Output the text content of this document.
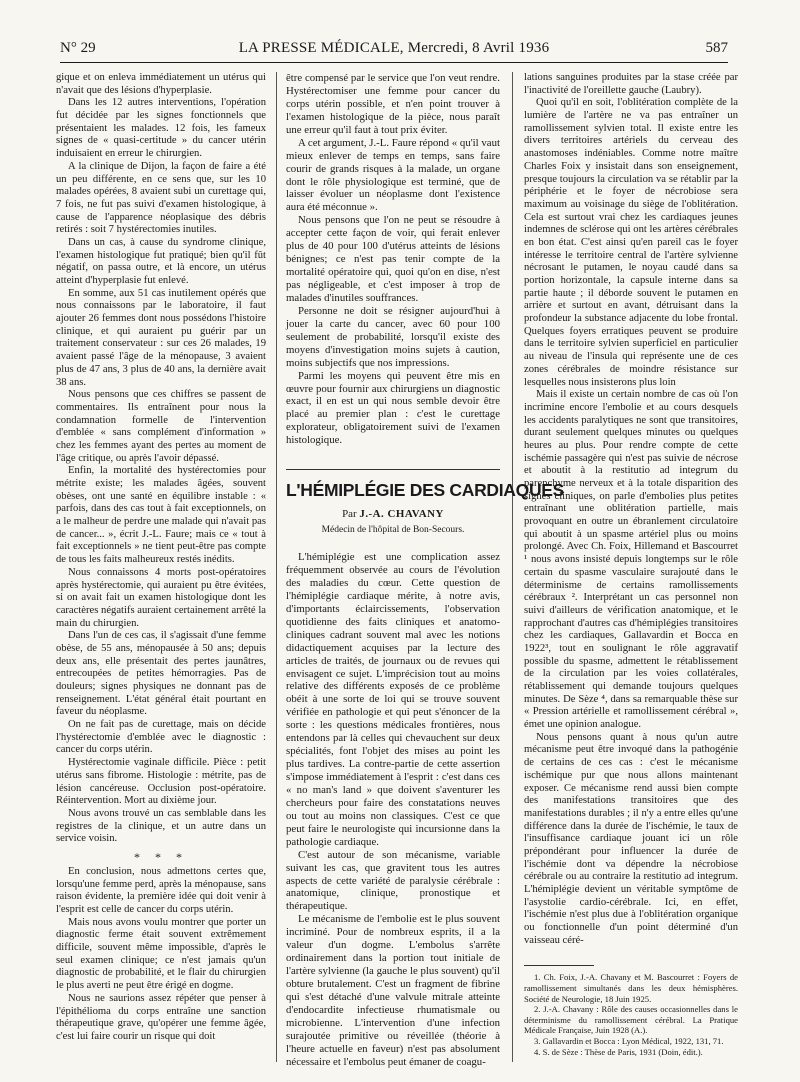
N° 29	LA PRESSE MÉDICALE, Mercredi, 8 Avril 1936	587

gique et on enleva immédiatement un utérus qui n'avait que des lésions d'hyperplasie.

Dans les 12 autres interventions, l'opération fut décidée par les signes fonctionnels que présentaient les malades. 12 fois, les fameux signes de « quasi-certitude » du cancer utérin induisaient en erreur le chirurgien.

A la clinique de Dijon, la façon de faire a été un peu différente, en ce sens que, sur les 10 malades opérées, 8 avaient subi un curettage qui, 7 fois, ne fut pas suivi d'examen histologique, à cause de l'apparence néoplasique des débris retirés : soit 7 hystérectomies inutiles.

Dans un cas, à cause du syndrome clinique, l'examen histologique fut pratiqué; bien qu'il fût négatif, on passa outre, et là encore, un utérus atteint d'hyperplasie fut enlevé.

En somme, aux 51 cas inutilement opérés que nous connaissons par le laboratoire, il faut ajouter 26 femmes dont nous possédons l'histoire clinique, et qui auraient pu guérir par un traitement conservateur : sur ces 26 malades, 19 avaient passé l'âge de la ménopause, 3 avaient plus de 47 ans, 3 plus de 40 ans, la dernière avait 38 ans.

Nous pensons que ces chiffres se passent de commentaires. Ils entraînent pour nous la condamnation formelle de l'intervention d'emblée « sans complément d'information » chez les femmes ayant des pertes au moment de l'âge critique, ou après l'avoir dépassé.

Enfin, la mortalité des hystérectomies pour métrite existe; les malades âgées, souvent obèses, ont une santé en équilibre instable : « parfois, dans des cas tout à fait exceptionnels, on a le malheur de perdre une malade qui n'avait pas de cancer... », écrit J.-L. Faure; mais ce « tout à fait exceptionnels » ne tient peut-être pas compte de tous les faits malheureux restés inédits.

Nous connaissons 4 morts post-opératoires après hystérectomie, qui auraient pu être évitées, si on avait fait un examen histologique dont les caractères négatifs auraient certainement arrêté la main du chirurgien.

Dans l'un de ces cas, il s'agissait d'une femme obèse, de 55 ans, ménopausée à 50 ans; depuis deux ans, elle présentait des pertes jaunâtres, entrecoupées de petites hémorragies. Pas de douleurs; signes physiques ne donnant pas de renseignement. L'état général était pourtant en faveur du néoplasme.

On ne fait pas de curettage, mais on décide l'hystérectomie d'emblée avec le diagnostic : cancer du corps utérin.

Hystérectomie vaginale difficile. Pièce : petit utérus sans fibrome. Histologie : métrite, pas de lésion cancéreuse. Occlusion post-opératoire. Réintervention. Mort au dixième jour.

Nous avons trouvé un cas semblable dans les registres de la clinique, et un autre dans un service voisin.

* * *

En conclusion, nous admettons certes que, lorsqu'une femme perd, après la ménopause, sans raison évidente, la première idée qui doit venir à l'esprit est celle de cancer du corps utérin.

Mais nous avons voulu montrer que porter un diagnostic ferme était souvent extrêmement difficile, souvent même impossible, d'après le seul examen clinique; ce n'est jamais qu'un diagnostic de probabilité, et le flair du chirurgien le plus averti ne peut être érigé en dogme.

Nous ne saurions assez répéter que penser à l'épithélioma du corps entraîne une sanction thérapeutique grave, qu'opérer une femme âgée, c'est lui faire courir un risque qui doit

être compensé par le service que l'on veut rendre. Hystérectomiser une femme pour cancer du corps utérin possible, et n'en point trouver à l'examen histologique de la pièce, nous paraît une erreur qu'il faut à tout prix éviter.

A cet argument, J.-L. Faure répond « qu'il vaut mieux enlever de temps en temps, sans faire courir de grands risques à la malade, un organe dont le rôle physiologique est terminé, que de laisser évoluer un néoplasme dont l'existence aura été méconnue ».

Nous pensons que l'on ne peut se résoudre à accepter cette façon de voir, qui ferait enlever plus de 40 pour 100 d'utérus atteints de lésions bénignes; ce n'est pas tenir compte de la mortalité opératoire qui, quoi qu'on en dise, n'est pas négligeable, et c'est imposer à trop de malades d'inutiles souffrances.

Personne ne doit se résigner aujourd'hui à jouer la carte du cancer, avec 60 pour 100 seulement de probabilité, lorsqu'il existe des moyens d'investigation moins sujets à caution, moins subjectifs que nos impressions.

Parmi les moyens qui peuvent être mis en œuvre pour fournir aux chirurgiens un diagnostic exact, il en est un qui nous semble devoir être placé au premier plan : c'est le curettage explorateur, obligatoirement suivi de l'examen histologique.

L'HÉMIPLÉGIE DES CARDIAQUES
Par J.-A. CHAVANY
Médecin de l'hôpital de Bon-Secours.

L'hémiplégie est une complication assez fréquemment observée au cours de l'évolution des maladies du cœur. Cette question de l'hémiplégie cardiaque mérite, à notre avis, d'importants éclaircissements, l'observation quotidienne des faits cliniques et anatomo-cliniques cadrant souvent mal avec les notions didactiquement acquises par la lecture des articles de traités, de journaux ou de revues qui envisagent ce sujet. L'imprécision tout au moins relative des différents exposés de ce problème obéit à une sorte de loi qui se trouve souvent vérifiée en pathologie et qui peut s'énoncer de la sorte : les questions médicales frontières, nous entendons par là celles qui chevauchent sur deux spécialités, font l'objet des mises au point les plus tardives. La contre-partie de cette assertion s'impose immédiatement à l'esprit : c'est dans ces « no man's land » que doivent s'aventurer les chercheurs pour faire des constatations neuves ou tout au moins non classiques. C'est ce que peut faire le neurologiste qui incursionne dans la pathologie cardiaque.

C'est autour de son mécanisme, variable suivant les cas, que gravitent tous les autres aspects de cette variété de paralysie cérébrale : anatomique, clinique, pronostique et thérapeutique.

Le mécanisme de l'embolie est le plus souvent incriminé. Pour de nombreux esprits, il a la valeur d'un dogme. L'embolus s'arrête ordinairement dans la portion tout initiale de l'artère sylvienne (la gauche le plus souvent) qu'il obture brutalement. C'est un fragment de fibrine qui s'est détaché d'une valvule mitrale atteinte d'endocardite infectieuse rhumatismale ou microbienne. L'intervention d'une infection surajoutée primitive ou réveillée (théorie à l'heure actuelle en faveur) n'est pas absolument nécessaire et l'embolus peut émaner de coagu-

lations sanguines produites par la stase créée par l'inactivité de l'oreillette gauche (Laubry).

Quoi qu'il en soit, l'oblitération complète de la lumière de l'artère ne va pas entraîner un ramollissement sylvien total. Il existe entre les divers territoires artériels du cerveau des anastomoses indéniables. Comme notre maître Charles Foix y insistait dans son enseignement, presque toujours la circulation va se rétablir par la périphérie et le foyer de nécrobiose sera maximum au voisinage du siège de l'oblitération. Cela est surtout vrai chez les cardiaques jeunes indemnes de sclérose qui ont les artères cérébrales en bon état. C'est ainsi qu'en pareil cas le foyer intéresse le territoire central de l'artère sylvienne nécrosant le putamen, le noyau caudé dans sa portion horizontale, la capsule interne dans sa partie haute ; il déborde souvent le putamen en arrière et surtout en avant, détruisant dans la profondeur la substance adjacente du lobe frontal. Quelques foyers erratiques peuvent se produire dans le territoire sylvien superficiel en particulier au niveau de l'insula qui représente une de ces zones cérébrales de moindre résistance sur lesquelles nous insisterons plus loin

Mais il existe un certain nombre de cas où l'on incrimine encore l'embolie et au cours desquels les accidents paralytiques ne sont que transitoires, durant seulement quelques minutes ou quelques heures au plus. Pour rendre compte de cette ischémie passagère qui n'est pas suivie de nécrose et aboutit à la restitutio ad integrum du parenchyme nerveux et à la totale disparition des signes cliniques, on parle d'embolies plus petites entraînant une oblitération partielle, mais provoquant en outre un ébranlement circulatoire qui aboutit à un spasme artériel plus ou moins prolongé. Avec Ch. Foix, Hillemand et Bascourret ¹ nous avons insisté depuis longtemps sur le rôle certain du spasme vasculaire surajouté dans le déterminisme de certains ramollissements cérébraux ². Interprétant un cas personnel non suivi d'ailleurs de vérification anatomique, et le rapprochant d'autres cas d'hémiplégies transitoires chez les cardiaques, Gallavardin et Bocca en 1922³, tout en soulignant le rôle aggravatif possible du spasme, admettent le rétablissement de la circulation par les voies collatérales, rétablissement qui demande toujours quelques minutes. De Sèze ⁴, dans sa remarquable thèse sur « Pression artérielle et ramollissement cérébral », émet une opinion analogue.

Nous pensons quant à nous qu'un autre mécanisme peut être invoqué dans la pathogénie de certains de ces cas : c'est le mécanisme ischémique pur que nous allons maintenant exposer. Ce mécanisme rend aussi bien compte des manifestations transitoires que des manifestations durables ; il n'y a entre elles qu'une différence dans la durée de l'ischémie, le taux de l'insuffisance cardiaque jouant ici un rôle prépondérant pour influencer la durée de l'ischémie dont va dépendre la nécrobiose cérébrale ou au contraire la restitutio ad integrum. L'hémiplégie devient un véritable symptôme de l'asystolie cardio-cérébrale. Ici, en effet, l'ischémie n'est plus due à l'oblitération organique ou fonctionnelle d'un point déterminé d'un vaisseau céré-

1. Ch. Foix, J.-A. Chavany et M. Bascourret : Foyers de ramollissement simultanés dans les deux hémisphères. Société de Neurologie, 18 Juin 1925.

2. J.-A. Chavany : Rôle des causes occasionnelles dans le déterminisme du ramollissement cérébral. La Pratique Médicale Française, Juin 1928 (A.).

3. Gallavardin et Bocca : Lyon Médical, 1922, 131, 71.

4. S. de Sèze : Thèse de Paris, 1931 (Doin, édit.).
